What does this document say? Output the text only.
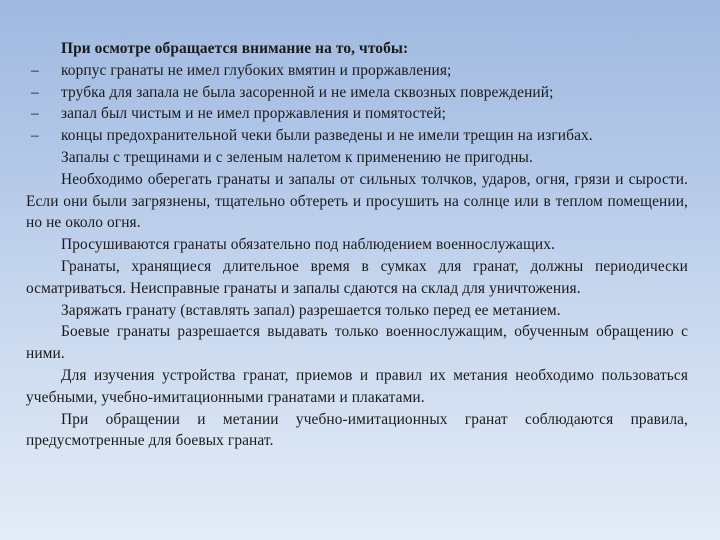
При осмотре обращается внимание на то, чтобы:

– корпус гранаты не имел глубоких вмятин и проржавления;
– трубка для запала не была засоренной и не имела сквозных повреждений;
– запал был чистым и не имел проржавления и помятостей;
– концы предохранительной чеки были разведены и не имели трещин на изгибах.

Запалы с трещинами и с зеленым налетом к применению не пригодны.

Необходимо оберегать гранаты и запалы от сильных толчков, ударов, огня, грязи и сырости. Если они были загрязнены, тщательно обтереть и просушить на солнце или в теплом помещении, но не около огня.

Просушиваются гранаты обязательно под наблюдением военнослужащих.

Гранаты, хранящиеся длительное время в сумках для гранат, должны периодически осматриваться. Неисправные гранаты и запалы сдаются на склад для уничтожения.

Заряжать гранату (вставлять запал) разрешается только перед ее метанием.

Боевые гранаты разрешается выдавать только военнослужащим, обученным обращению с ними.

Для изучения устройства гранат, приемов и правил их метания необходимо пользоваться учебными, учебно-имитационными гранатами и плакатами.

При обращении и метании учебно-имитационных гранат соблюдаются правила, предусмотренные для боевых гранат.
